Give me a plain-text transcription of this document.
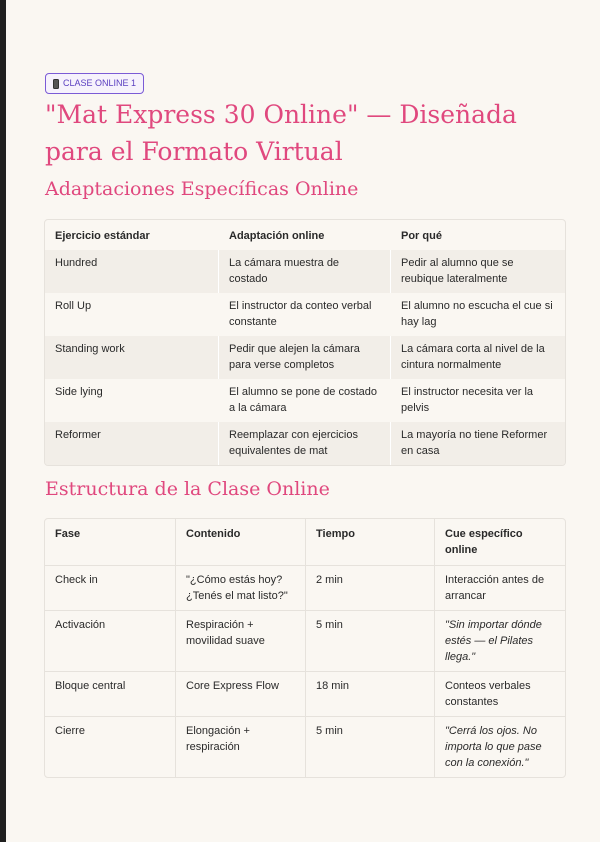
CLASE ONLINE 1
"Mat Express 30 Online" — Diseñada para el Formato Virtual
Adaptaciones Específicas Online
Ejercicio estándar	Adaptación online	Por qué
Hundred	La cámara muestra de costado	Pedir al alumno que se reubique lateralmente
Roll Up	El instructor da conteo verbal constante	El alumno no escucha el cue si hay lag
Standing work	Pedir que alejen la cámara para verse completos	La cámara corta al nivel de la cintura normalmente
Side lying	El alumno se pone de costado a la cámara	El instructor necesita ver la pelvis
Reformer	Reemplazar con ejercicios equivalentes de mat	La mayoría no tiene Reformer en casa
Estructura de la Clase Online
Fase	Contenido	Tiempo	Cue específico online
Check in	"¿Cómo estás hoy? ¿Tenés el mat listo?"	2 min	Interacción antes de arrancar
Activación	Respiración + movilidad suave	5 min	"Sin importar dónde estés — el Pilates llega."
Bloque central	Core Express Flow	18 min	Conteos verbales constantes
Cierre	Elongación + respiración	5 min	"Cerrá los ojos. No importa lo que pase con la conexión."
